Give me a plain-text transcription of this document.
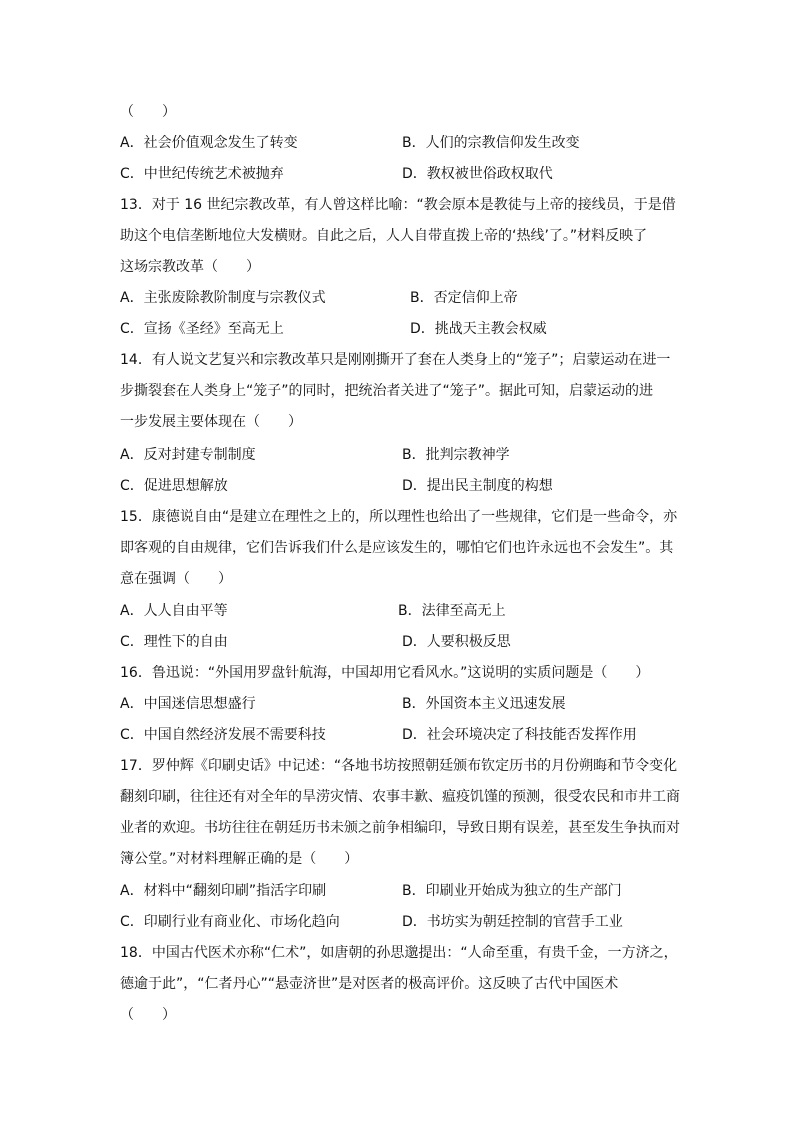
（　　）
A．社会价值观念发生了转变	B．人们的宗教信仰发生改变
C．中世纪传统艺术被抛弃	D．教权被世俗政权取代
13．对于 16 世纪宗教改革，有人曾这样比喻：“教会原本是教徒与上帝的接线员，于是借
助这个电信垄断地位大发横财。自此之后，人人自带直拨上帝的‘热线’了。”材料反映了
这场宗教改革（　　）
A．主张废除教阶制度与宗教仪式	B．否定信仰上帝
C．宣扬《圣经》至高无上	D．挑战天主教会权威
14．有人说文艺复兴和宗教改革只是刚刚撕开了套在人类身上的“笼子”；启蒙运动在进一
步撕裂套在人类身上“笼子”的同时，把统治者关进了“笼子”。据此可知，启蒙运动的进
一步发展主要体现在（　　）
A．反对封建专制制度	B．批判宗教神学
C．促进思想解放	D．提出民主制度的构想
15．康德说自由“是建立在理性之上的，所以理性也给出了一些规律，它们是一些命令，亦
即客观的自由规律，它们告诉我们什么是应该发生的，哪怕它们也许永远也不会发生”。其
意在强调（　　）
A．人人自由平等	B．法律至高无上
C．理性下的自由	D．人要积极反思
16．鲁迅说：“外国用罗盘针航海，中国却用它看风水。”这说明的实质问题是（　　）
A．中国迷信思想盛行	B．外国资本主义迅速发展
C．中国自然经济发展不需要科技	D．社会环境决定了科技能否发挥作用
17．罗仲辉《印刷史话》中记述：“各地书坊按照朝廷颁布钦定历书的月份朔晦和节令变化
翻刻印刷，往往还有对全年的旱涝灾情、农事丰歉、瘟疫饥馑的预测，很受农民和市井工商
业者的欢迎。书坊往往在朝廷历书未颁之前争相编印，导致日期有误差，甚至发生争执而对
簿公堂。”对材料理解正确的是（　　）
A．材料中“翻刻印刷”指活字印刷	B．印刷业开始成为独立的生产部门
C．印刷行业有商业化、市场化趋向	D．书坊实为朝廷控制的官营手工业
18．中国古代医术亦称“仁术”，如唐朝的孙思邈提出：“人命至重，有贵千金，一方济之，
德逾于此”，“仁者丹心”“悬壶济世”是对医者的极高评价。这反映了古代中国医术
（　　）
